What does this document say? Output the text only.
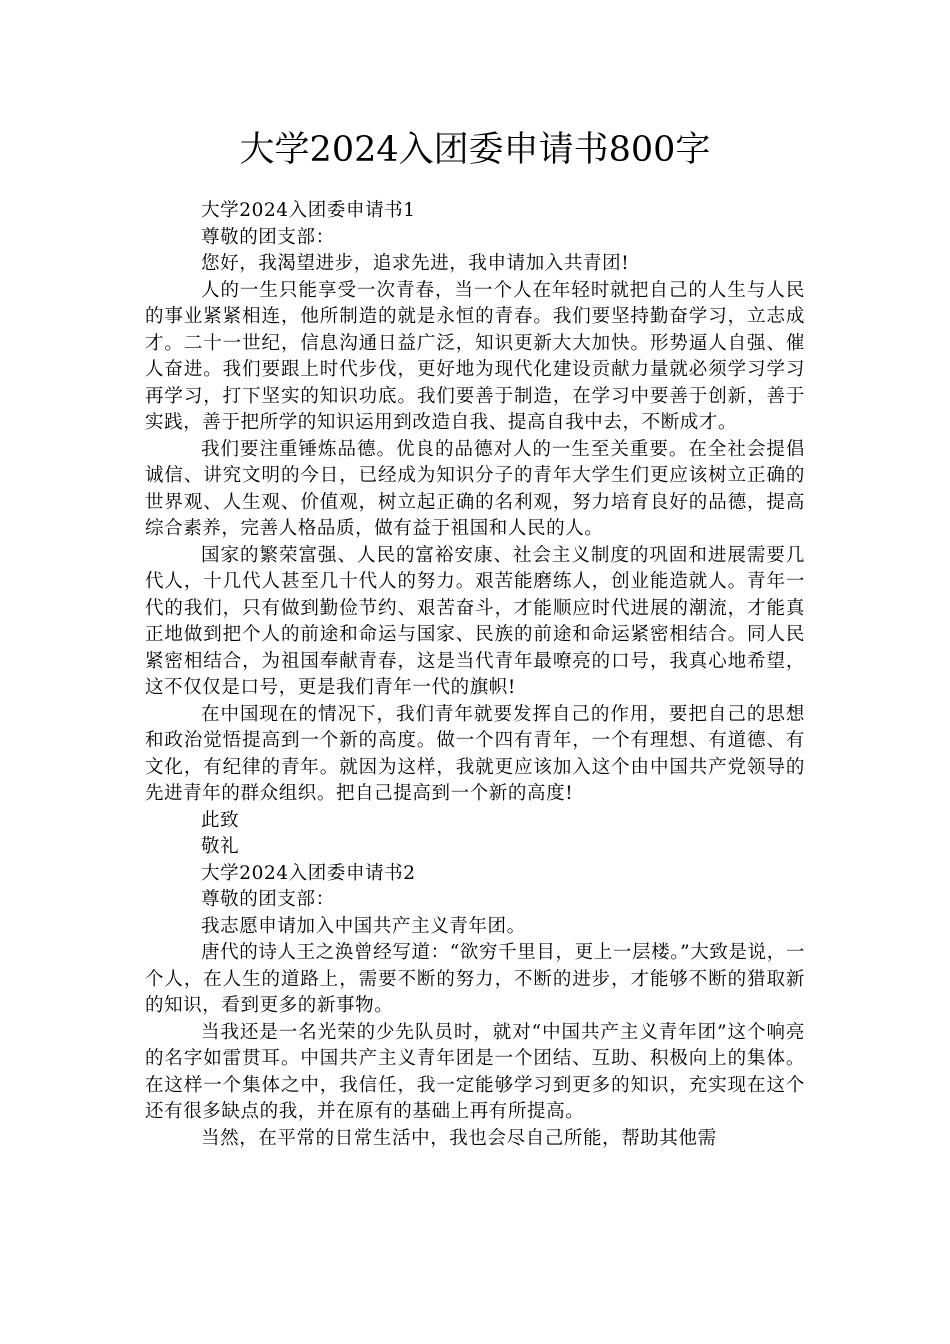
大学2024入团委申请书800字

大学2024入团委申请书1

尊敬的团支部：

您好，我渴望进步，追求先进，我申请加入共青团!

人的一生只能享受一次青春，当一个人在年轻时就把自己的人生与人民的事业紧紧相连，他所制造的就是永恒的青春。我们要坚持勤奋学习，立志成才。二十一世纪，信息沟通日益广泛，知识更新大大加快。形势逼人自强、催人奋进。我们要跟上时代步伐，更好地为现代化建设贡献力量就必须学习学习再学习，打下坚实的知识功底。我们要善于制造，在学习中要善于创新，善于实践，善于把所学的知识运用到改造自我、提高自我中去，不断成才。

我们要注重锤炼品德。优良的品德对人的一生至关重要。在全社会提倡诚信、讲究文明的今日，已经成为知识分子的青年大学生们更应该树立正确的世界观、人生观、价值观，树立起正确的名利观，努力培育良好的品德，提高综合素养，完善人格品质，做有益于祖国和人民的人。

国家的繁荣富强、人民的富裕安康、社会主义制度的巩固和进展需要几代人，十几代人甚至几十代人的努力。艰苦能磨练人，创业能造就人。青年一代的我们，只有做到勤俭节约、艰苦奋斗，才能顺应时代进展的潮流，才能真正地做到把个人的前途和命运与国家、民族的前途和命运紧密相结合。同人民紧密相结合，为祖国奉献青春，这是当代青年最嘹亮的口号，我真心地希望，这不仅仅是口号，更是我们青年一代的旗帜!

在中国现在的情况下，我们青年就要发挥自己的作用，要把自己的思想和政治觉悟提高到一个新的高度。做一个四有青年，一个有理想、有道德、有文化，有纪律的青年。就因为这样，我就更应该加入这个由中国共产党领导的先进青年的群众组织。把自己提高到一个新的高度!

此致

敬礼

大学2024入团委申请书2

尊敬的团支部：

我志愿申请加入中国共产主义青年团。

唐代的诗人王之涣曾经写道：“欲穷千里目，更上一层楼。”大致是说，一个人，在人生的道路上，需要不断的努力，不断的进步，才能够不断的猎取新的知识，看到更多的新事物。

当我还是一名光荣的少先队员时，就对“中国共产主义青年团”这个响亮的名字如雷贯耳。中国共产主义青年团是一个团结、互助、积极向上的集体。在这样一个集体之中，我信任，我一定能够学习到更多的知识，充实现在这个还有很多缺点的我，并在原有的基础上再有所提高。

当然，在平常的日常生活中，我也会尽自己所能，帮助其他需
